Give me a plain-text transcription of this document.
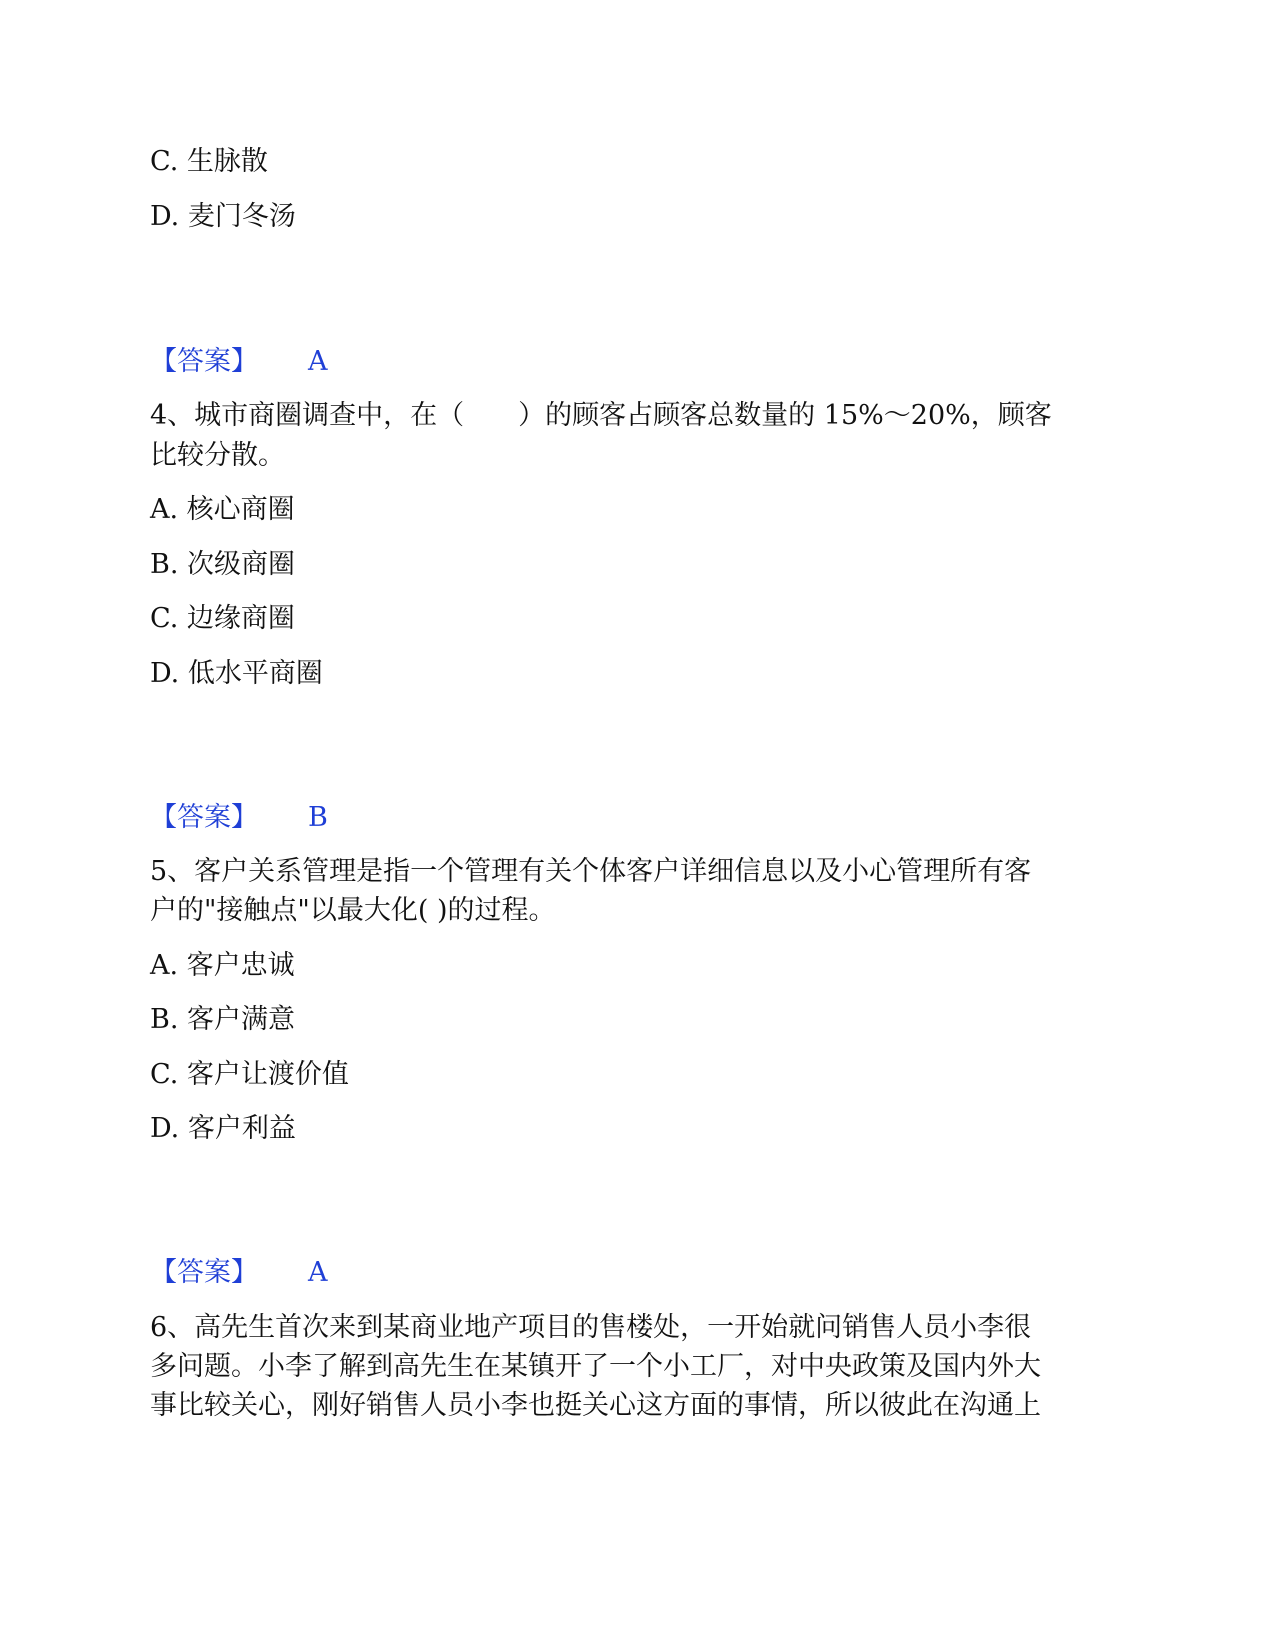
C. 生脉散
D. 麦门冬汤
【答案】 A
4、城市商圈调查中，在（　　）的顾客占顾客总数量的 15%～20%，顾客
比较分散。
A. 核心商圈
B. 次级商圈
C. 边缘商圈
D. 低水平商圈
【答案】 B
5、客户关系管理是指一个管理有关个体客户详细信息以及小心管理所有客
户的"接触点"以最大化( )的过程。
A. 客户忠诚
B. 客户满意
C. 客户让渡价值
D. 客户利益
【答案】 A
6、高先生首次来到某商业地产项目的售楼处，一开始就问销售人员小李很
多问题。小李了解到高先生在某镇开了一个小工厂，对中央政策及国内外大
事比较关心，刚好销售人员小李也挺关心这方面的事情，所以彼此在沟通上
